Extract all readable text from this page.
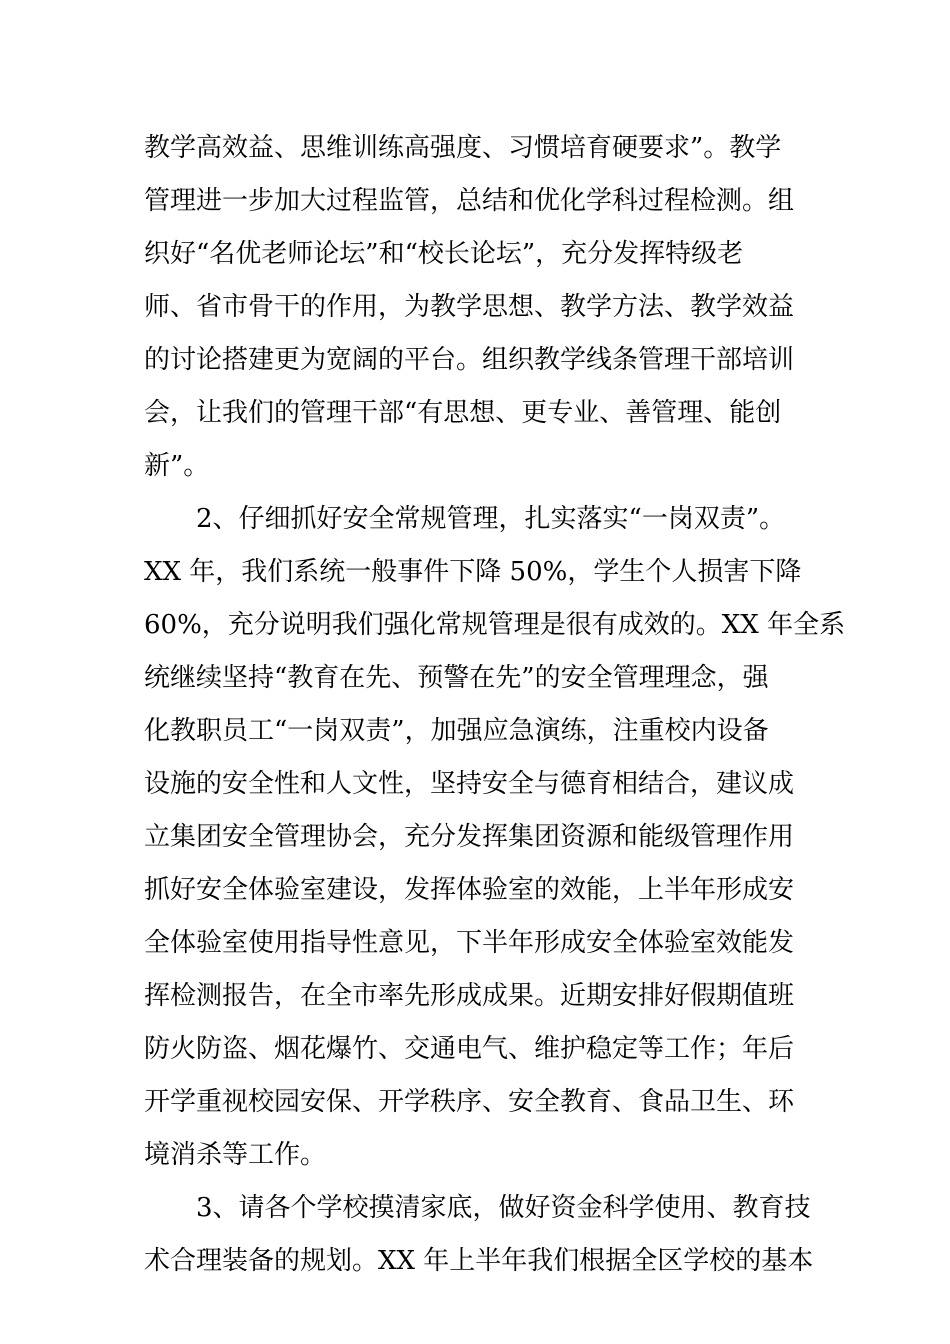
教学高效益、思维训练高强度、习惯培育硬要求”。教学
管理进一步加大过程监管，总结和优化学科过程检测。组
织好“名优老师论坛”和“校长论坛”，充分发挥特级老
师、省市骨干的作用，为教学思想、教学方法、教学效益
的讨论搭建更为宽阔的平台。组织教学线条管理干部培训
会，让我们的管理干部“有思想、更专业、善管理、能创
新”。
2、仔细抓好安全常规管理，扎实落实“一岗双责”。
XX 年，我们系统一般事件下降 50%，学生个人损害下降
60%，充分说明我们强化常规管理是很有成效的。XX 年全系
统继续坚持“教育在先、预警在先”的安全管理理念，强
化教职员工“一岗双责”，加强应急演练，注重校内设备
设施的安全性和人文性，坚持安全与德育相结合，建议成
立集团安全管理协会，充分发挥集团资源和能级管理作用
抓好安全体验室建设，发挥体验室的效能，上半年形成安
全体验室使用指导性意见，下半年形成安全体验室效能发
挥检测报告，在全市率先形成成果。近期安排好假期值班
防火防盗、烟花爆竹、交通电气、维护稳定等工作；年后
开学重视校园安保、开学秩序、安全教育、食品卫生、环
境消杀等工作。
3、请各个学校摸清家底，做好资金科学使用、教育技
术合理装备的规划。XX 年上半年我们根据全区学校的基本
